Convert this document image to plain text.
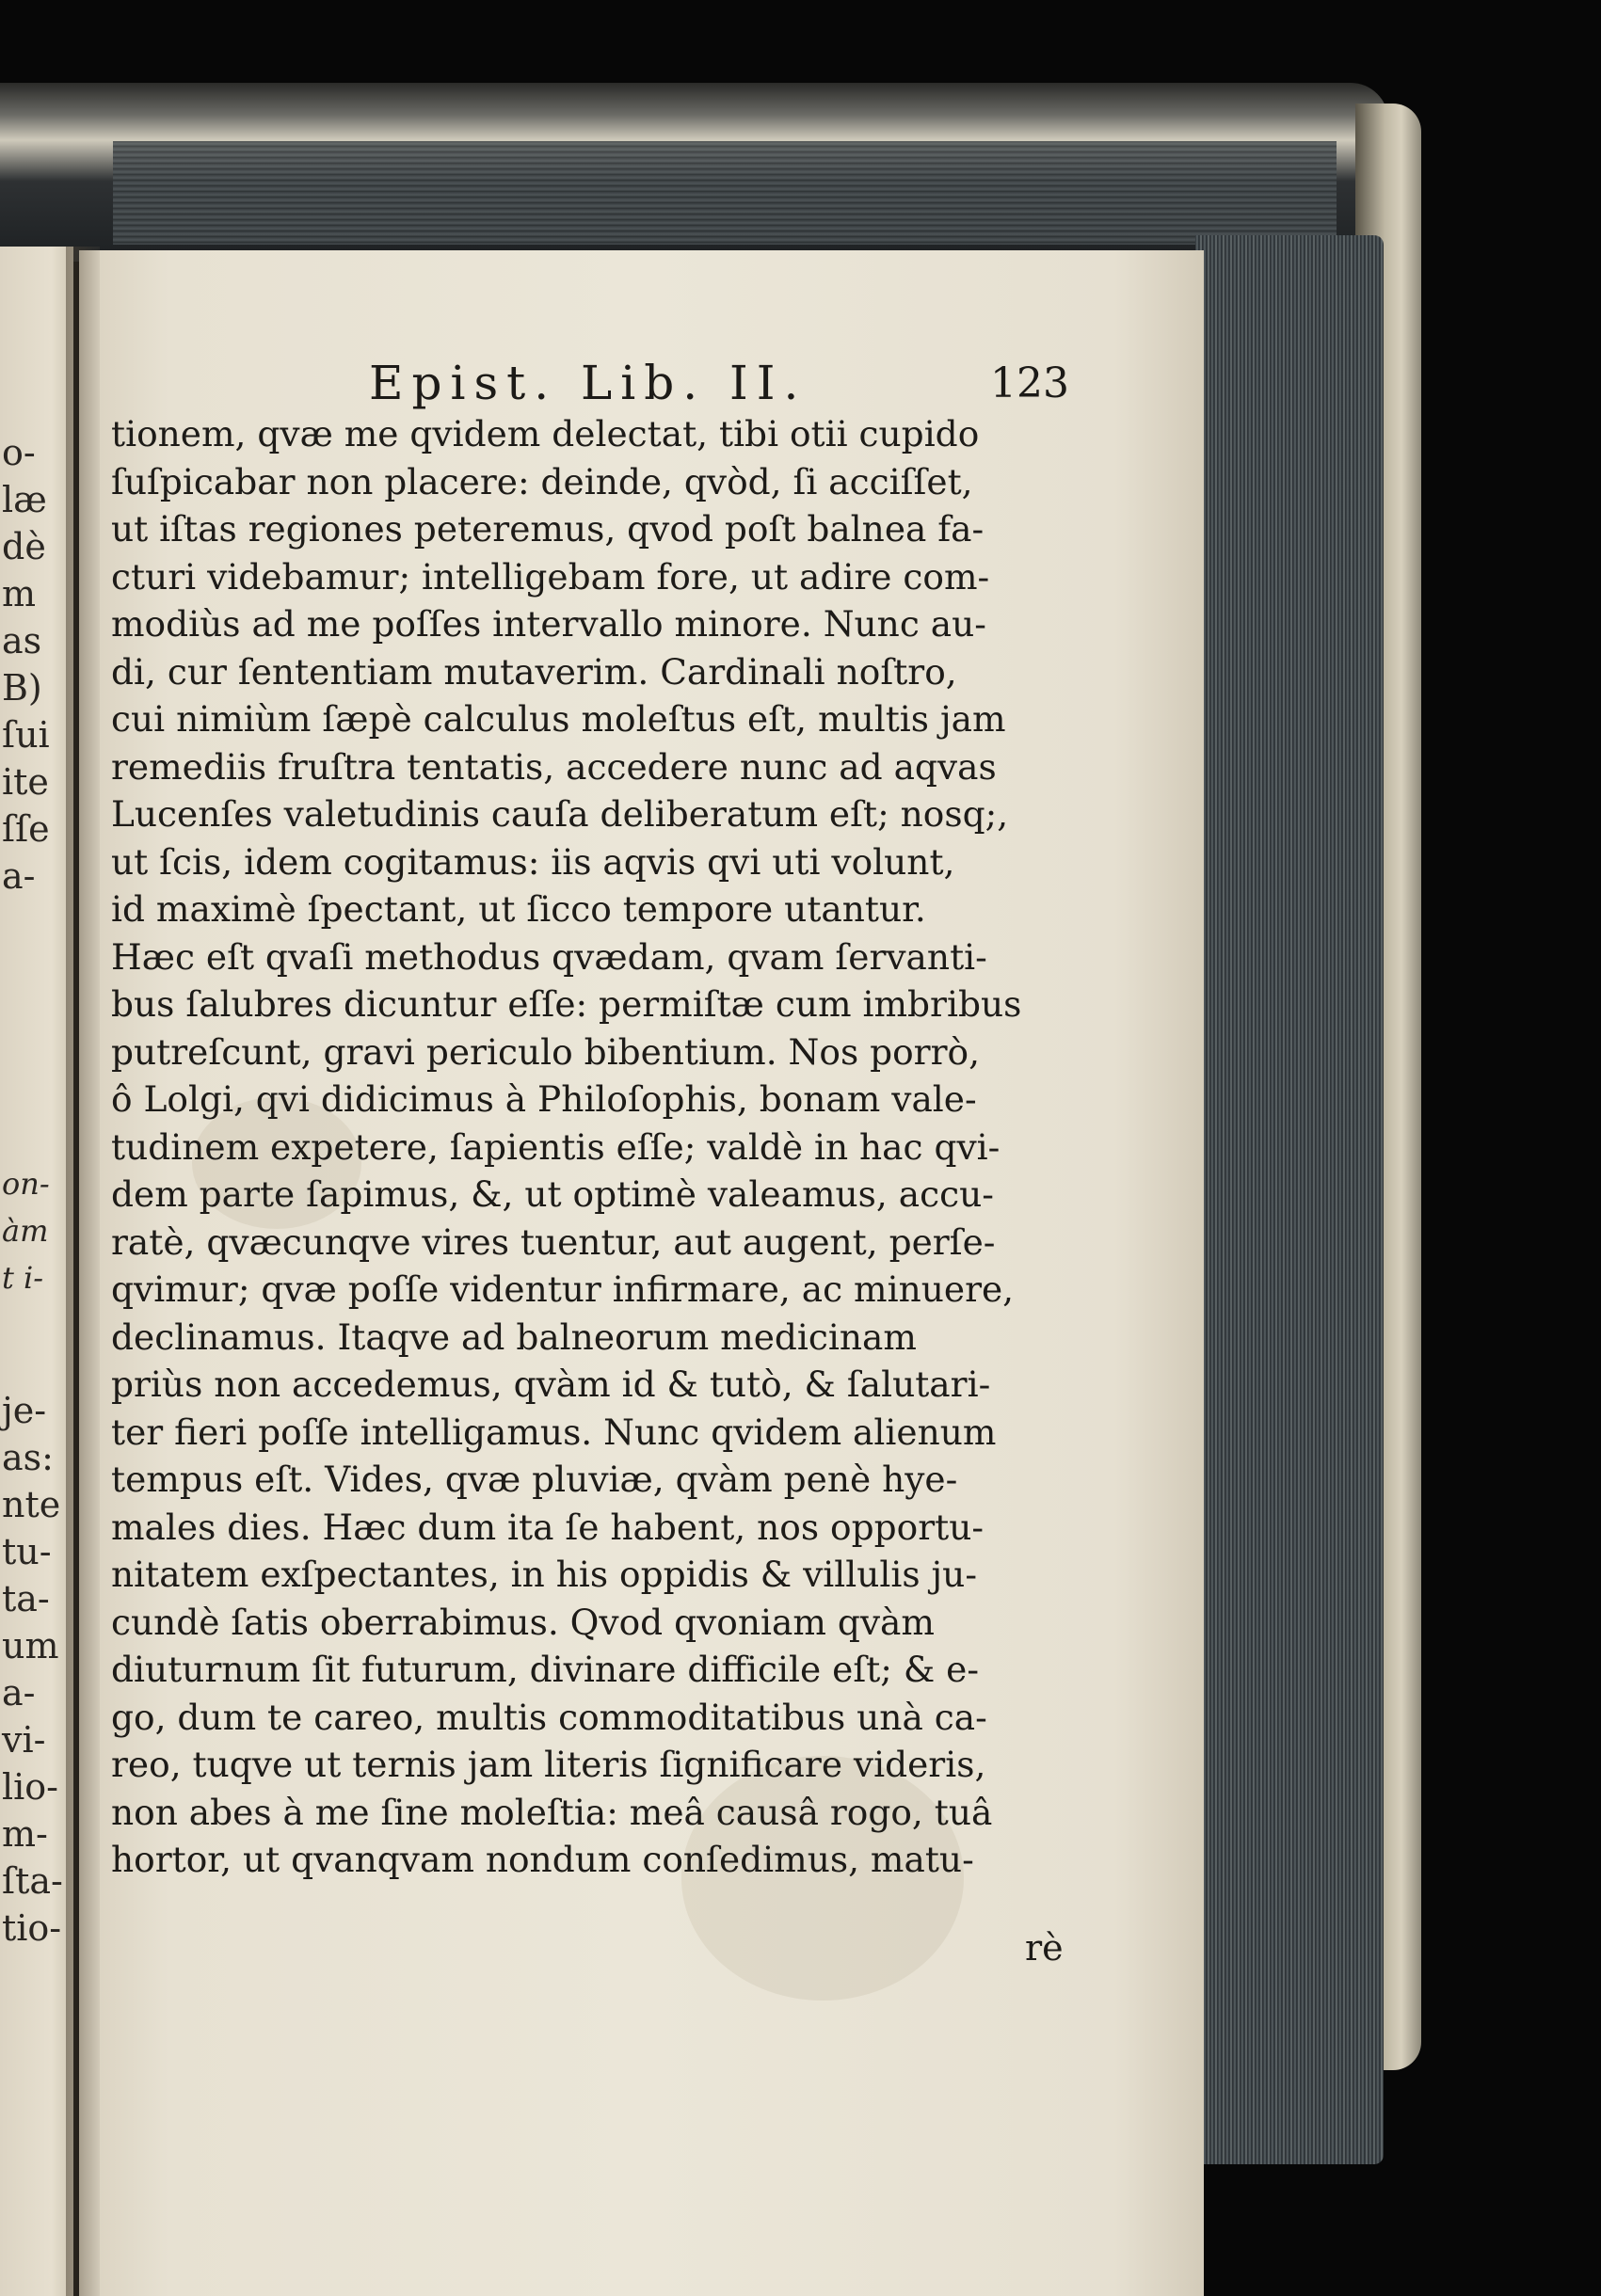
o-

læ

dè

m

as

B)

ſui

ite

ſſe

a-

on-

àm

t i-

je-

as:

nte

tu-

ta-

um

a-

vi-

lio-

m-

ſta-

tio-

Epist. Lib. II.	123
tionem, qvæ me qvidem delectat, tibi otii cupido
ſuſpicabar non placere: deinde, qvòd, ſi acciſſet,
ut iſtas regiones peteremus, qvod poſt balnea fa-
cturi videbamur; intelligebam fore, ut adire com-
modiùs ad me poſſes intervallo minore. Nunc au-
di, cur ſententiam mutaverim. Cardinali noſtro,
cui nimiùm ſæpè calculus moleſtus eſt, multis jam
remediis fruſtra tentatis, accedere nunc ad aqvas
Lucenſes valetudinis cauſa deliberatum eſt; nosq;,
ut ſcis, idem cogitamus: iis aqvis qvi uti volunt,
id maximè ſpectant, ut ſicco tempore utantur.
Hæc eſt qvaſi methodus qvædam, qvam ſervanti-
bus ſalubres dicuntur eſſe: permiſtæ cum imbribus
putreſcunt, gravi periculo bibentium. Nos porrò,
ô Lolgi, qvi didicimus à Philoſophis, bonam vale-
tudinem expetere, ſapientis eſſe; valdè in hac qvi-
dem parte ſapimus, &, ut optimè valeamus, accu-
ratè, qvæcunqve vires tuentur, aut augent, perſe-
qvimur; qvæ poſſe videntur infirmare, ac minuere,
declinamus. Itaqve ad balneorum medicinam
priùs non accedemus, qvàm id & tutò, & ſalutari-
ter fieri poſſe intelligamus. Nunc qvidem alienum
tempus eſt. Vides, qvæ pluviæ, qvàm penè hye-
males dies. Hæc dum ita ſe habent, nos opportu-
nitatem exſpectantes, in his oppidis & villulis ju-
cundè ſatis oberrabimus. Qvod qvoniam qvàm
diuturnum ſit futurum, divinare difficile eſt; & e-
go, dum te careo, multis commoditatibus unà ca-
reo, tuqve ut ternis jam literis ſignificare videris,
non abes à me ſine moleſtia: meâ causâ rogo, tuâ
hortor, ut qvanqvam nondum conſedimus, matu-
rè
